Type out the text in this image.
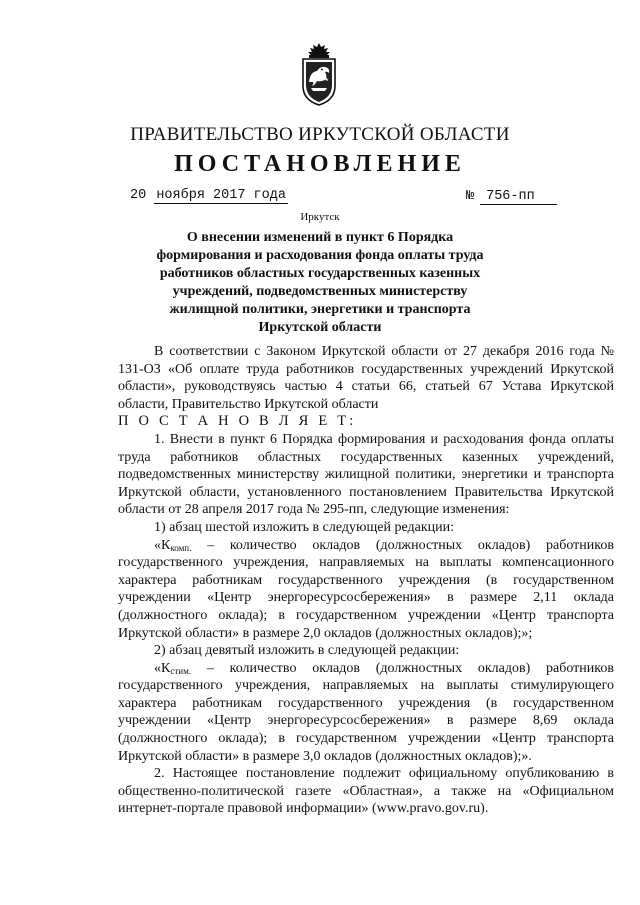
ПРАВИТЕЛЬСТВО ИРКУТСКОЙ ОБЛАСТИ
ПОСТАНОВЛЕНИЕ
20 ноября 2017 года	№ 756-пп
Иркутск

О внесении изменений в пункт 6 Порядка формирования и расходования фонда оплаты труда работников областных государственных казенных учреждений, подведомственных министерству жилищной политики, энергетики и транспорта Иркутской области

В соответствии с Законом Иркутской области от 27 декабря 2016 года № 131-ОЗ «Об оплате труда работников государственных учреждений Иркутской области», руководствуясь частью 4 статьи 66, статьей 67 Устава Иркутской области, Правительство Иркутской области

П О С Т А Н О В Л Я Е Т:

1. Внести в пункт 6 Порядка формирования и расходования фонда оплаты труда работников областных государственных казенных учреждений, подведомственных министерству жилищной политики, энергетики и транспорта Иркутской области, установленного постановлением Правительства Иркутской области от 28 апреля 2017 года № 295-пп, следующие изменения:

1) абзац шестой изложить в следующей редакции:

«$К_{комп.}$ – количество окладов (должностных окладов) работников государственного учреждения, направляемых на выплаты компенсационного характера работникам государственного учреждения (в государственном учреждении «Центр энергоресурсосбережения» в размере 2,11 оклада (должностного оклада); в государственном учреждении «Центр транспорта Иркутской области» в размере 2,0 окладов (должностных окладов);»;

2) абзац девятый изложить в следующей редакции:

«$К_{стим.}$ – количество окладов (должностных окладов) работников государственного учреждения, направляемых на выплаты стимулирующего характера работникам государственного учреждения (в государственном учреждении «Центр энергоресурсосбережения» в размере 8,69 оклада (должностного оклада); в государственном учреждении «Центр транспорта Иркутской области» в размере 3,0 окладов (должностных окладов);».

2. Настоящее постановление подлежит официальному опубликованию в общественно-политической газете «Областная», а также на «Официальном интернет-портале правовой информации» (www.pravo.gov.ru).
